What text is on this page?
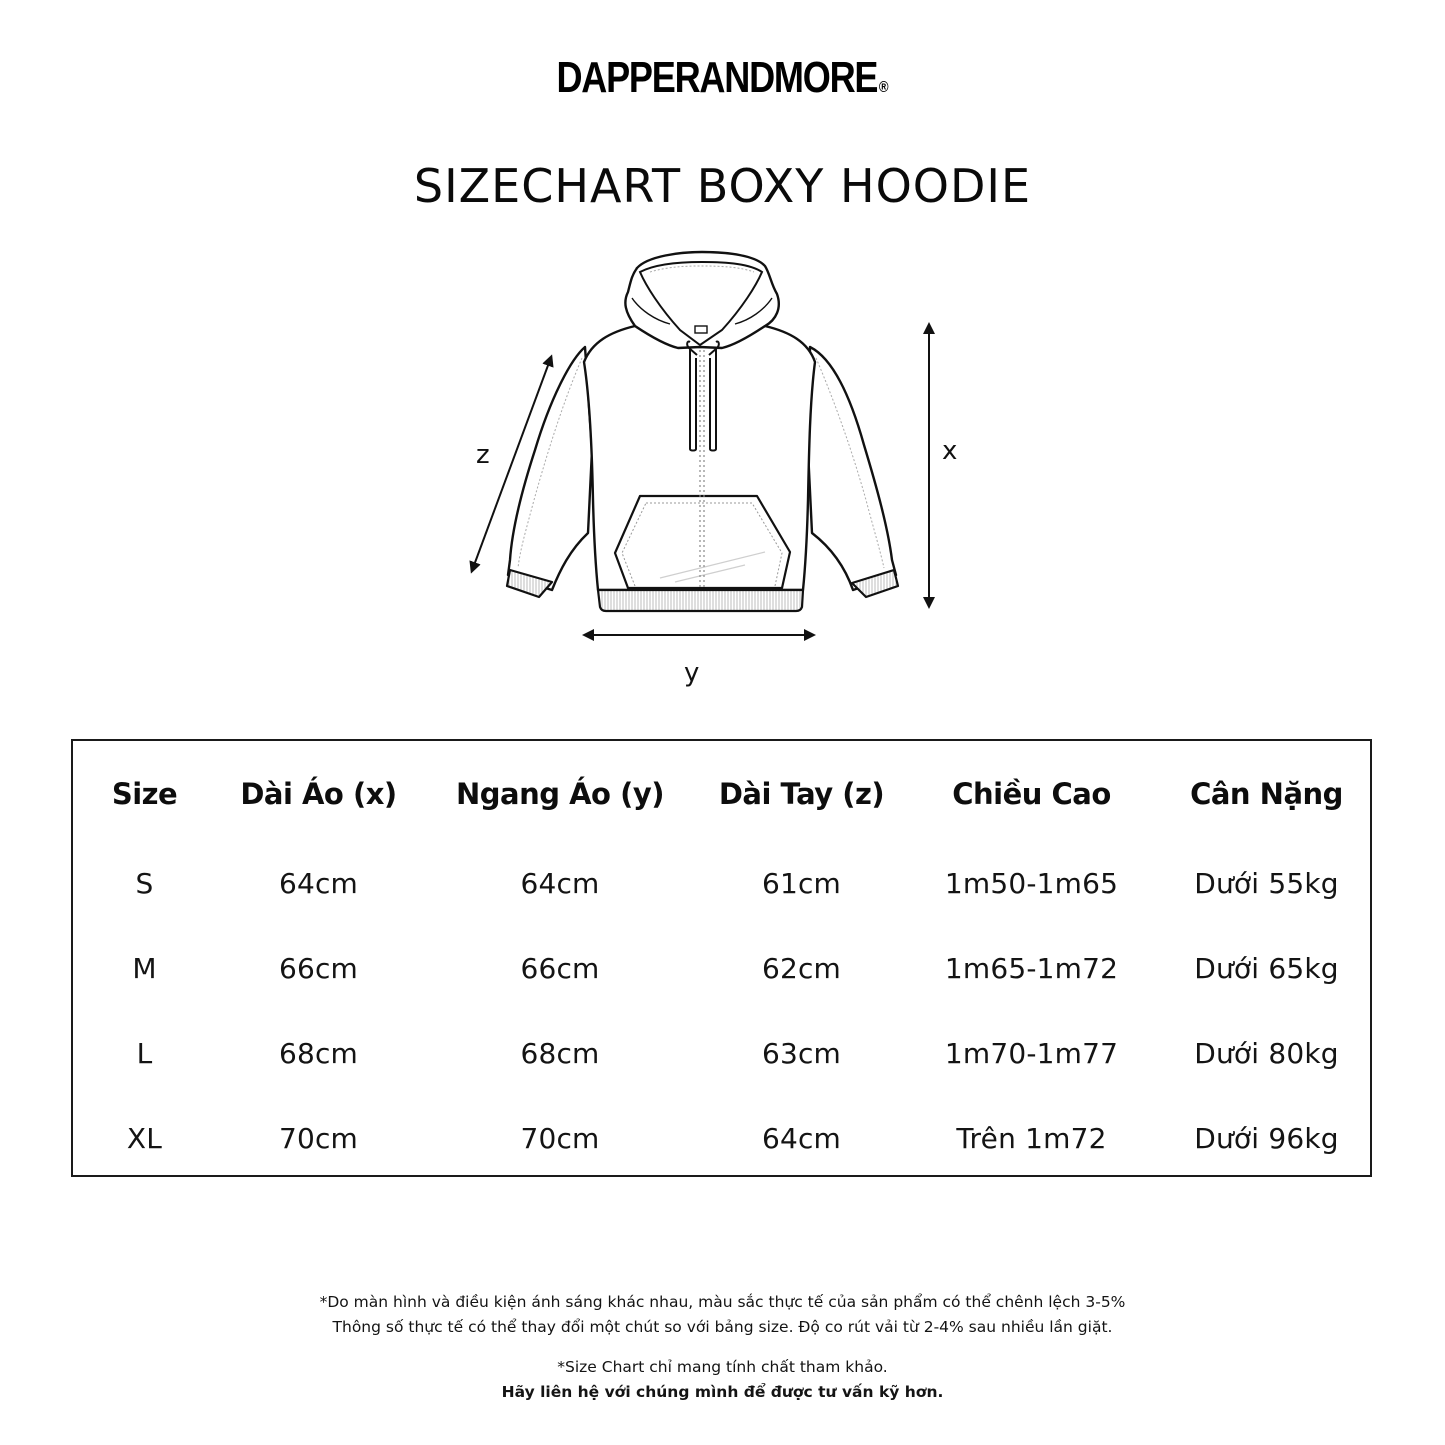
DAPPERANDMORE ®
SIZECHART BOXY HOODIE
z	x
y
Size	Dài Áo (x)	Ngang Áo (y)	Dài Tay (z)	Chiều Cao	Cân Nặng
S	64cm	64cm	61cm	1m50-1m65	Dưới 55kg
M	66cm	66cm	62cm	1m65-1m72	Dưới 65kg
L	68cm	68cm	63cm	1m70-1m77	Dưới 80kg
XL	70cm	70cm	64cm	Trên 1m72	Dưới 96kg

*Do màn hình và điều kiện ánh sáng khác nhau, màu sắc thực tế của sản phẩm có thể chênh lệch 3-5%

Thông số thực tế có thể thay đổi một chút so với bảng size. Độ co rút vải từ 2-4% sau nhiều lần giặt.

*Size Chart chỉ mang tính chất tham khảo.

Hãy liên hệ với chúng mình để được tư vấn kỹ hơn.
